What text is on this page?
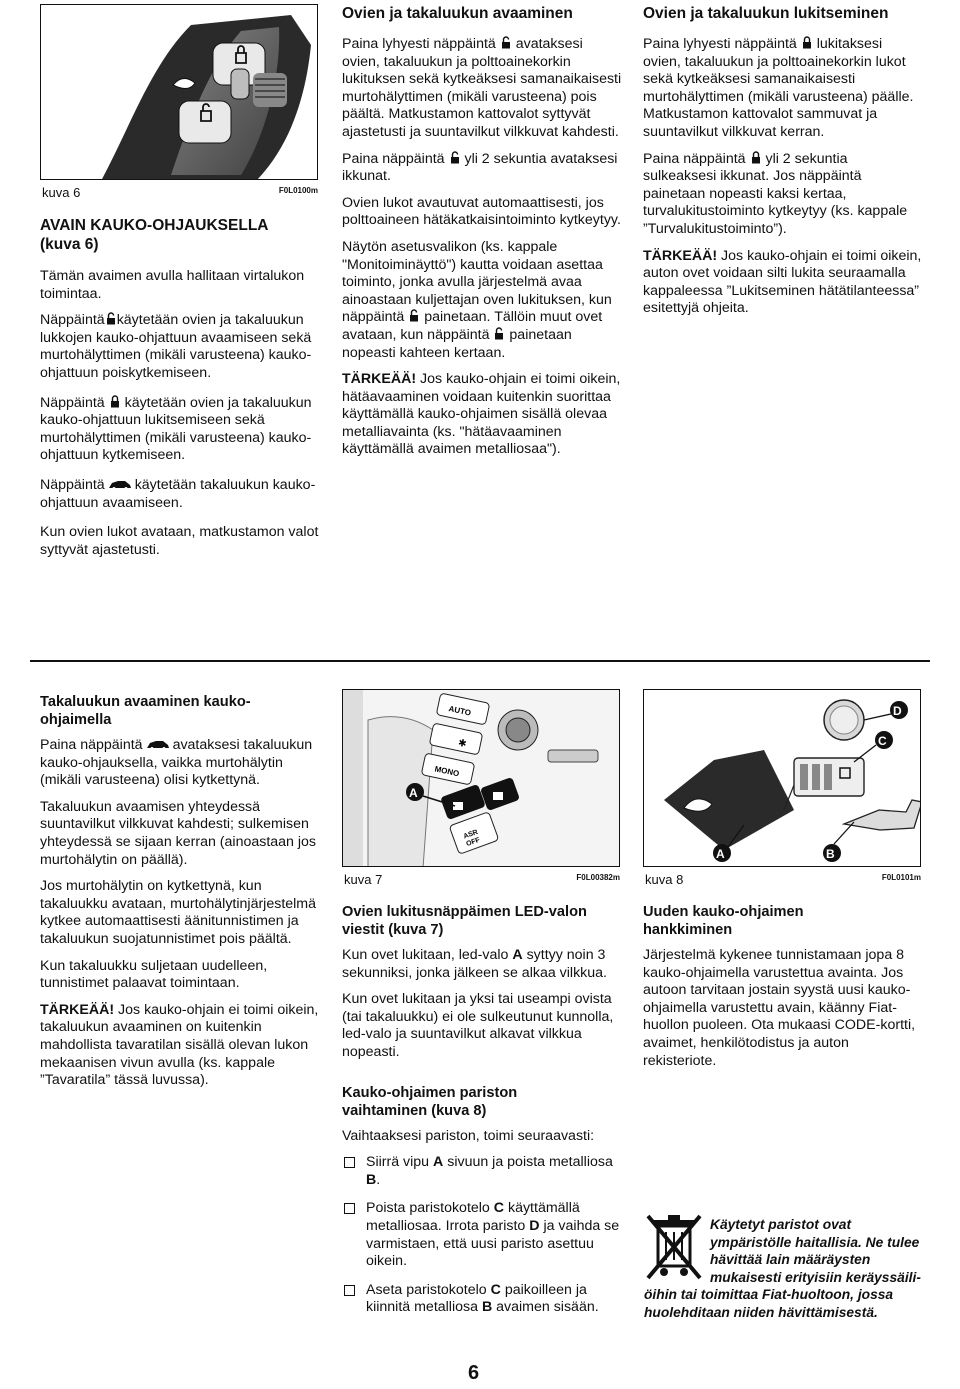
kuva 6	F0L0100m
AVAIN KAUKO-OHJAUKSELLA (kuva 6)

Tämän avaimen avulla hallitaan virtalukon toimintaa.

Näppäintä käytetään ovien ja takaluukun lukkojen kauko-ohjattuun avaamiseen sekä murtohälyttimen (mikäli varusteena) kauko-ohjattuun poiskytkemiseen.

Näppäintä käytetään ovien ja takaluukun kauko-ohjattuun lukitsemiseen sekä murtohälyttimen (mikäli varusteena) kauko-ohjattuun kytkemiseen.

Näppäintä käytetään takaluukun kauko-ohjattuun avaamiseen.

Kun ovien lukot avataan, matkustamon valot syttyvät ajastetusti.

Ovien ja takaluukun avaaminen

Paina lyhyesti näppäintä avataksesi ovien, takaluukun ja polttoainekorkin lukituksen sekä kytkeäksesi samanaikaisesti murtohälyttimen (mikäli varusteena) pois päältä. Matkustamon kattovalot syttyvät ajastetusti ja suuntavilkut vilkkuvat kahdesti.

Paina näppäintä yli 2 sekuntia avataksesi ikkunat.

Ovien lukot avautuvat automaattisesti, jos polttoaineen hätäkatkaisintoiminto kytkeytyy.

Näytön asetusvalikon (ks. kappale "Monitoiminäyttö") kautta voidaan asettaa toiminto, jonka avulla järjestelmä avaa ainoastaan kuljettajan oven lukituksen, kun näppäintä painetaan. Tällöin muut ovet avataan, kun näppäintä painetaan nopeasti kahteen kertaan.

TÄRKEÄÄ! Jos kauko-ohjain ei toimi oikein, hätäavaaminen voidaan kuitenkin suorittaa käyttämällä kauko-ohjaimen sisällä olevaa metalliavainta (ks. "hätäavaaminen käyttämällä avaimen metalliosaa").

Ovien ja takaluukun lukitseminen

Paina lyhyesti näppäintä lukitaksesi ovien, takaluukun ja polttoainekorkin lukot sekä kytkeäksesi samanaikaisesti murtohälyttimen (mikäli varusteena) päälle. Matkustamon kattovalot sammuvat ja suuntavilkut vilkkuvat kerran.

Paina näppäintä yli 2 sekuntia sulkeaksesi ikkunat. Jos näppäintä painetaan nopeasti kaksi kertaa, turvalukitustoiminto kytkeytyy (ks. kappale ”Turvalukitustoiminto”).

TÄRKEÄÄ! Jos kauko-ohjain ei toimi oikein, auton ovet voidaan silti lukita seuraamalla kappaleessa ”Lukitseminen hätätilanteessa” esitettyjä ohjeita.

Takaluukun avaaminen kauko-ohjaimella

Paina näppäintä avataksesi takaluukun kauko-ohjauksella, vaikka murtohälytin (mikäli varusteena) olisi kytkettynä.

Takaluukun avaamisen yhteydessä suuntavilkut vilkkuvat kahdesti; sulkemisen yhteydessä se sijaan kerran (ainoastaan jos murtohälytin on päällä).

Jos murtohälytin on kytkettynä, kun takaluukku avataan, murtohälytinjärjestelmä kytkee automaattisesti äänitunnistimen ja takaluukun suojatunnistimet pois päältä.

Kun takaluukku suljetaan uudelleen, tunnistimet palaavat toimintaan.

TÄRKEÄÄ! Jos kauko-ohjain ei toimi oikein, takaluukun avaaminen on kuitenkin mahdollista tavaratilan sisällä olevan lukon mekaanisen vivun avulla (ks. kappale ”Tavaratila” tässä luvussa).

AUTO
✱
MONO
ASR
OFF
A
kuva 7	F0L00382m
Ovien lukitusnäppäimen LED-valon viestit (kuva 7)

Kun ovet lukitaan, led-valo A syttyy noin 3 sekunniksi, jonka jälkeen se alkaa vilkkua.

Kun ovet lukitaan ja yksi tai useampi ovista (tai takaluukku) ei ole sulkeutunut kunnolla, led-valo ja suuntavilkut alkavat vilkkua nopeasti.

Kauko-ohjaimen pariston vaihtaminen (kuva 8)

Vaihtaaksesi pariston, toimi seuraavasti:

Siirrä vipu A sivuun ja poista metalliosa B.
Poista paristokotelo C käyttämällä metalliosaa. Irrota paristo D ja vaihda se varmistaen, että uusi paristo asettuu oikein.
Aseta paristokotelo C paikoilleen ja kiinnitä metalliosa B avaimen sisään.
A	B
C
D
kuva 8	F0L0101m
Uuden kauko-ohjaimen hankkiminen

Järjestelmä kykenee tunnistamaan jopa 8 kauko-ohjaimella varustettua avainta. Jos autoon tarvitaan jostain syystä uusi kauko-ohjaimella varustettu avain, käänny Fiat-huollon puoleen. Ota mukaasi CODE-kortti, avaimet, henkilötodistus ja auton rekisteriote.

Käytetyt paristot ovat ympäristölle haitallisia. Ne tulee hävittää lain määräysten mukaisesti erityisiin keräyssäili-
öihin tai toimittaa Fiat-huoltoon, jossa huolehditaan niiden hävittämisestä.
6
